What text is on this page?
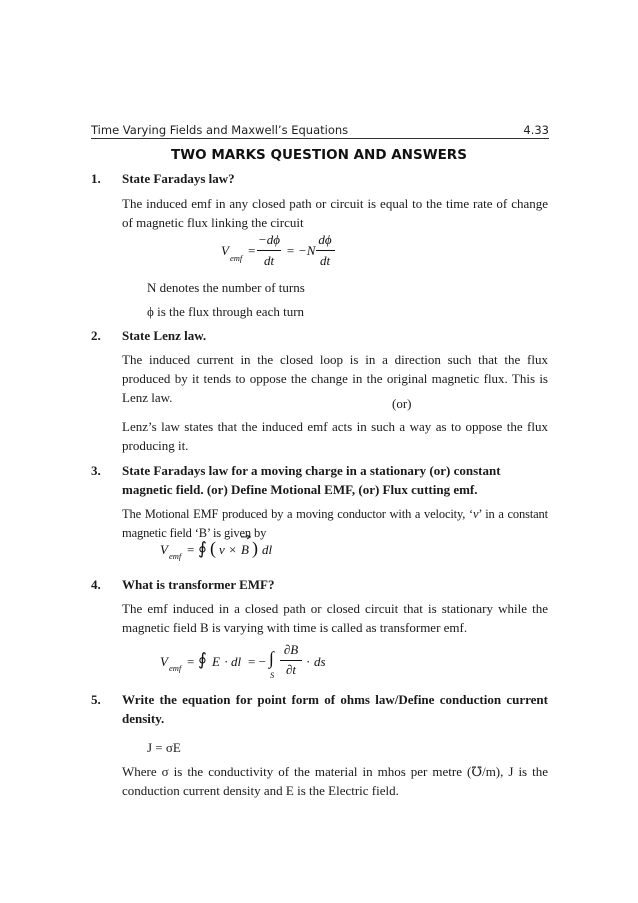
Time Varying Fields and Maxwell’s Equations	4.33
TWO MARKS QUESTION AND ANSWERS
1. State Faradays law?
The induced emf in any closed path or circuit is equal to the time rate of change of magnetic flux linking the circuit
V emf =
−dϕ
dt
= −N
dϕ
dt
N denotes the number of turns
ϕ is the flux through each turn
2. State Lenz law.
The induced current in the closed loop is in a direction such that the flux produced by it tends to oppose the change in the original magnetic flux. This is Lenz law.	(or)
Lenz’s law states that the induced emf acts in such a way as to oppose the flux producing it.
3. State Faradays law for a moving charge in a stationary (or) constant magnetic field. (or) Define Motional EMF, (or) Flux cutting emf.
The Motional EMF produced by a moving conductor with a velocity, ‘v’ in a constant magnetic field ‘B’ is given by
V emf = ∮ ( v × B ) dl
4. What is transformer EMF?
The emf induced in a closed path or closed circuit that is stationary while the magnetic field B is varying with time is called as transformer emf.
V emf = ∮ E · dl = − ∫
S
∂B
∂t
· ds
5. Write the equation for point form of ohms law/Define conduction current density.
J = σE
Where σ is the conductivity of the material in mhos per metre (℧/m), J is the conduction current density and E is the Electric field.
